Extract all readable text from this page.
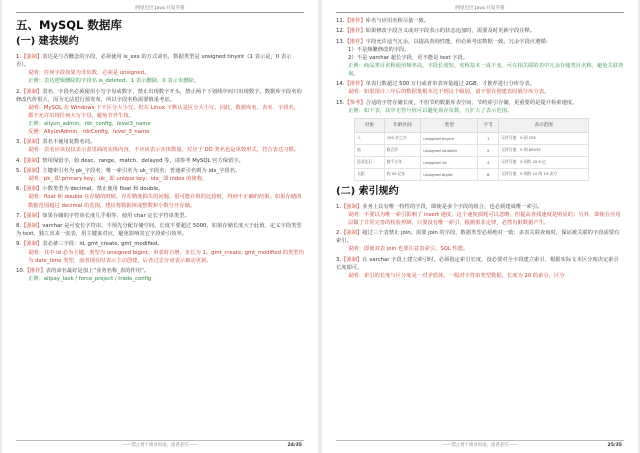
阿里巴巴 Java 开发手册
五、MySQL 数据库
(一) 建表规约
1.【强制】表达是与否概念的字段，必须使用 is_xxx 的方式命名，数据类型是 unsigned tinyint（1 表示是，0 表示否）。
说明：任何字段如果为非负数，必须是 unsigned。
正例：表达逻辑删除的字段名 is_deleted，1 表示删除，0 表示未删除。
2.【强制】表名、字段名必须使用小写字母或数字，禁止出现数字开头，禁止两个下划线中间只出现数字。数据库字段名的修改代价很大，因为无法进行预发布，所以字段名称需要慎重考虑。
说明：MySQL 在 Windows 下不区分大小写，但在 Linux 下默认是区分大小写。因此，数据库名、表名、字段名，都不允许出现任何大写字母，避免节外生枝。
正例：aliyun_admin，rdc_config，level3_name
反例：AliyunAdmin，rdcConfig，level_3_name
3.【强制】表名不使用复数名词。
说明：表名应该仅仅表示表里面的实体内容，不应该表示实体数量，对应于 DO 类名也是单数形式，符合表达习惯。
4.【强制】禁用保留字，如 desc、range、match、delayed 等，请参考 MySQL 官方保留字。
5.【强制】主键索引名为 pk_字段名；唯一索引名为 uk_字段名；普通索引名则为 idx_字段名。
说明：pk_ 即 primary key；uk_ 即 unique key；idx_ 即 index 的简称。
6.【强制】小数类型为 decimal，禁止使用 float 和 double。
说明：float 和 double 在存储的时候，存在精度损失的问题，很可能在值的比较时，得到不正确的结果。如果存储的数据范围超过 decimal 的范围，建议将数据拆成整数和小数分开存储。
7.【强制】如果存储的字符串长度几乎相等，使用 char 定长字符串类型。
8.【强制】varchar 是可变长字符串，不预先分配存储空间，长度不要超过 5000，如果存储长度大于此值，定义字段类型为 text，独立出来一张表，用主键来对应，避免影响其它字段索引效率。
9.【强制】表必备三字段：id, gmt_create, gmt_modified。
说明：其中 id 必为主键，类型为 unsigned bigint、单表时自增、步长为 1。gmt_create, gmt_modified 的类型均为 date_time 类型，前者现在时表示主动创建，后者过去分词表示被动更新。
10.【推荐】表的命名最好是加上“业务名称_表的作用”。
正例：alipay_task / force_project / trade_config
——禁止用于商业用途，违者必究——	24/35
阿里巴巴 Java 开发手册
11.【推荐】库名与应用名称尽量一致。
12.【推荐】如果修改字段含义或对字段表示的状态追加时，需要及时更新字段注释。
13.【推荐】字段允许适当冗余，以提高查询性能，但必须考虑数据一致。冗余字段应遵循：
1）不是频繁修改的字段。
2）不是 varchar 超长字段，更不能是 text 字段。
正例：商品类目名称使用频率高，字段长度短，名称基本一成不变，可在相关联的表中冗余存储类目名称，避免关联查询。
14.【推荐】单表行数超过 500 万行或者单表容量超过 2GB，才推荐进行分库分表。
说明：如果预计三年后的数据量根本达不到这个级别，请不要在创建表时就分库分表。
15.【参考】合适的字符存储长度，不但节约数据库表空间、节约索引存储，更重要的是提升检索速度。
正例：如下表，其中无符号值可以避免误存负数，且扩大了表示范围。
对象	年龄区间	类型	字节	表示范围
人	150 岁之内	unsigned tinyint	1	无符号值：0 到 255
龟	数百岁	unsigned smallint	2	无符号值：0 到 65535
恐龙化石	数千万年	unsigned int	4	无符号值：0 到约 42.9 亿
太阳	约 50 亿年	unsigned bigint	8	无符号值：0 到约 10 的 19 次方
(二) 索引规约
1.【强制】业务上具有唯一特性的字段，即使是多个字段的组合，也必须建成唯一索引。
说明：不要以为唯一索引影响了 insert 速度，这个速度损耗可以忽略，但提高查找速度是明显的；另外，即使在应用层做了非常完善的校验控制，只要没有唯一索引，根据墨菲定律，必然有脏数据产生。
2.【强制】超过三个表禁止 join。需要 join 的字段，数据类型必须绝对一致；多表关联查询时，保证被关联的字段需要有索引。
说明：即使双表 join 也要注意表索引、SQL 性能。
3.【强制】在 varchar 字段上建立索引时，必须指定索引长度，没必要对全字段建立索引，根据实际文本区分度决定索引长度即可。
说明：索引的长度与区分度是一对矛盾体，一般对字符串类型数据，长度为 20 的索引，区分
——禁止用于商业用途，违者必究——	25/35
